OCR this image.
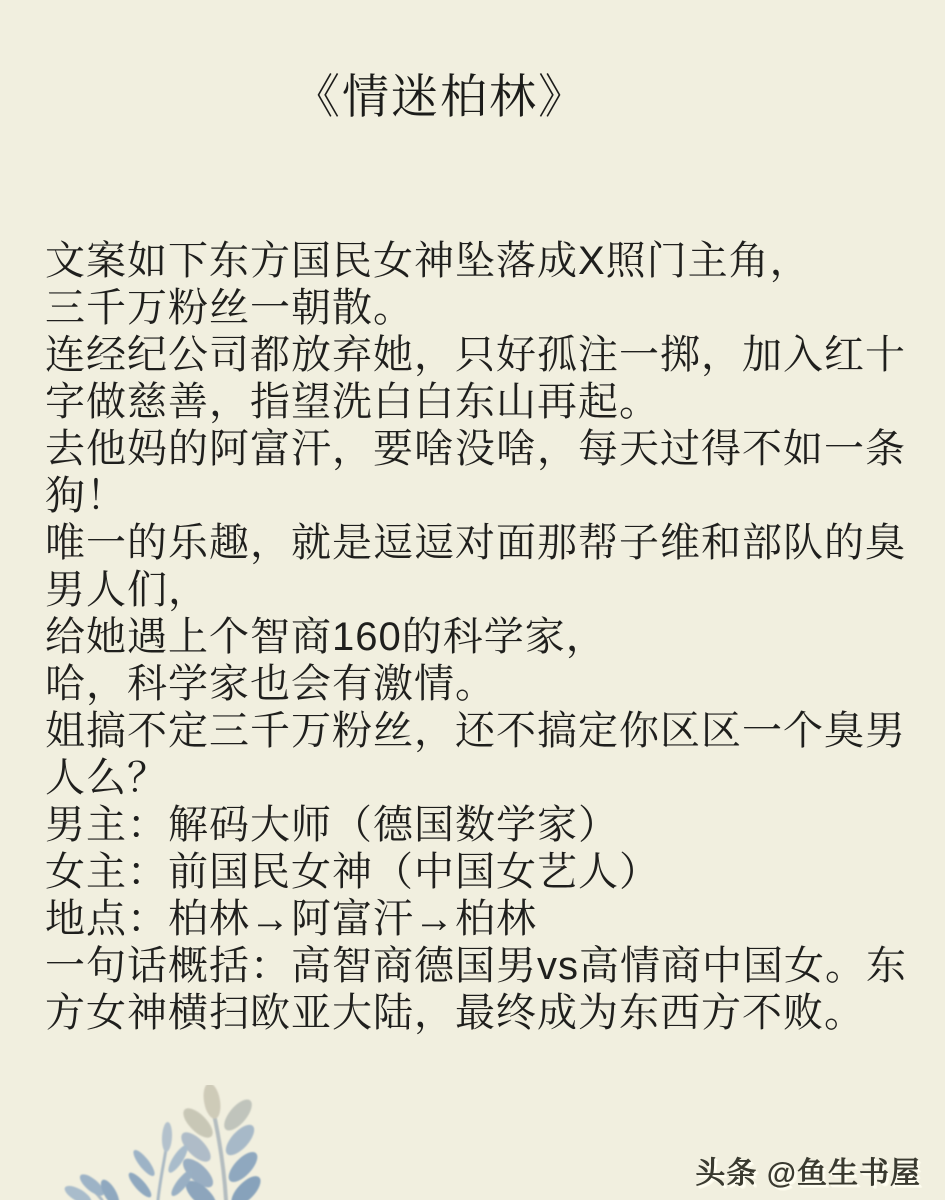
《情迷柏林》
文案如下东方国民女神坠落成X照门主角，
三千万粉丝一朝散。
连经纪公司都放弃她，只好孤注一掷，加入红十
字做慈善，指望洗白白东山再起。
去他妈的阿富汗，要啥没啥，每天过得不如一条
狗！
唯一的乐趣，就是逗逗对面那帮子维和部队的臭
男人们，
给她遇上个智商160的科学家，
哈，科学家也会有激情。
姐搞不定三千万粉丝，还不搞定你区区一个臭男
人么？
男主：解码大师（德国数学家）
女主：前国民女神（中国女艺人）
地点：柏林→阿富汗→柏林
一句话概括：高智商德国男vs高情商中国女。东
方女神横扫欧亚大陆，最终成为东西方不败。
头条 @鱼生书屋
